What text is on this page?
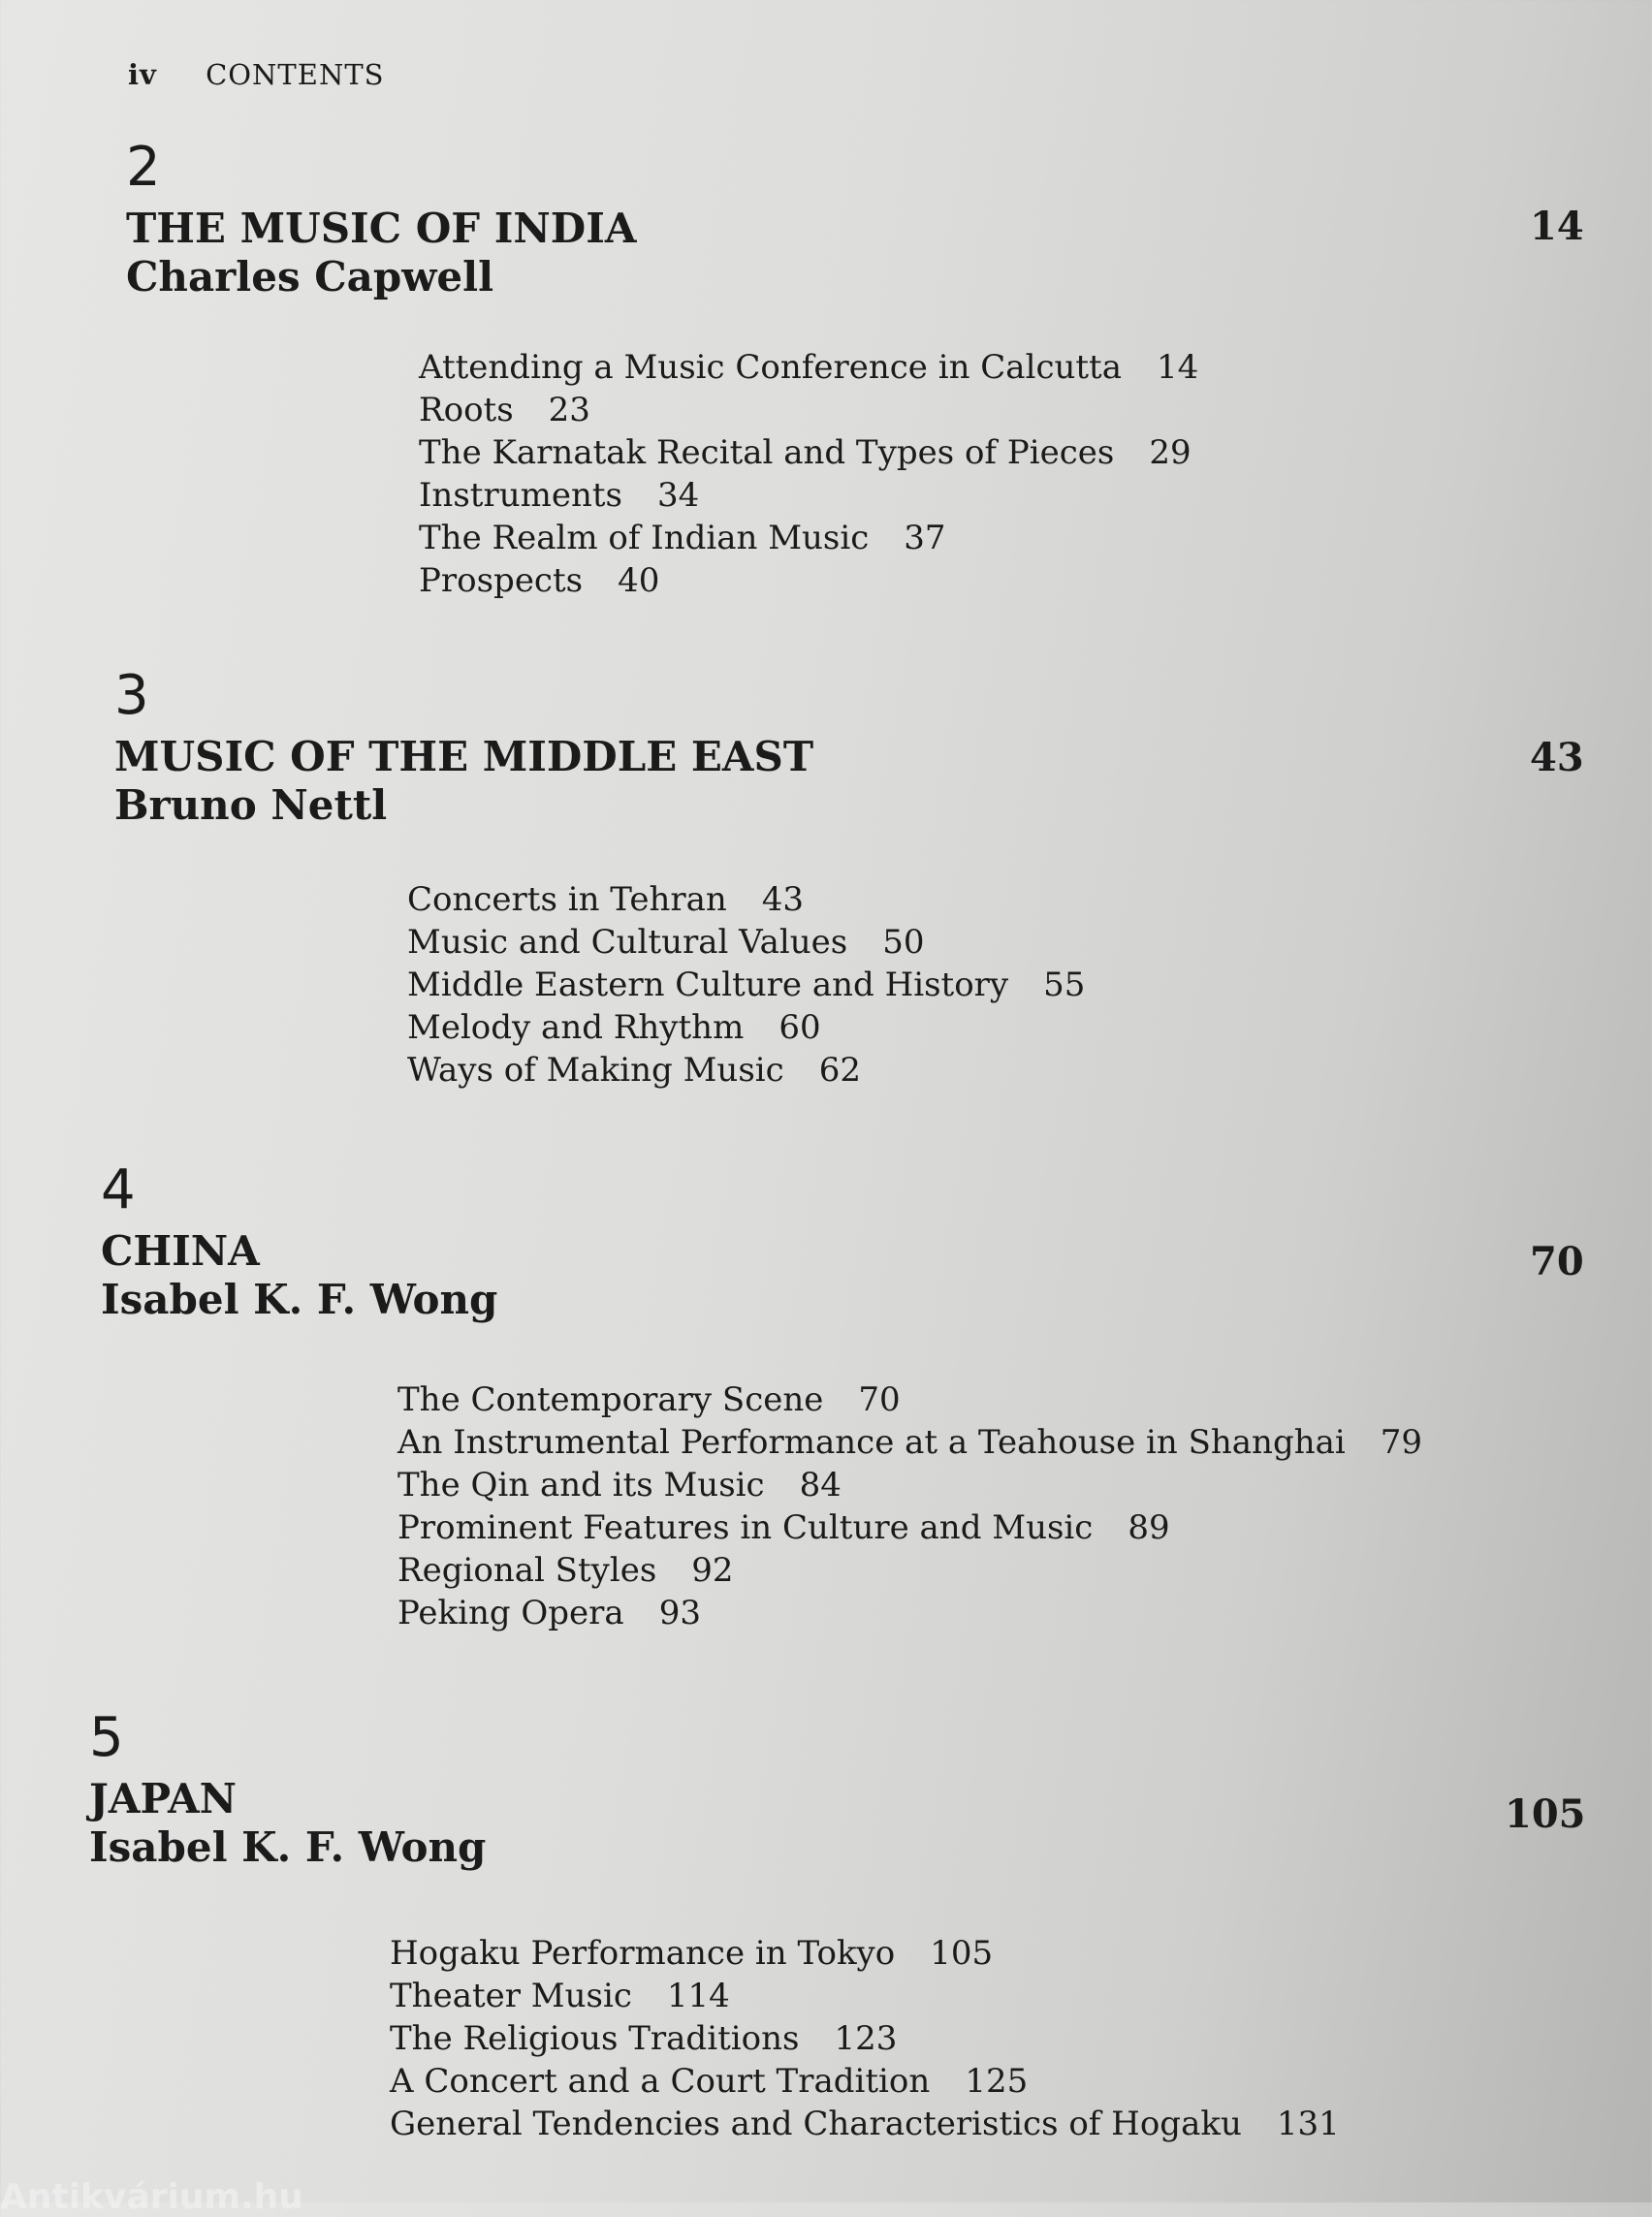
iv CONTENTS
2
THE MUSIC OF INDIA
Charles Capwell
14
Attending a Music Conference in Calcutta 14
Roots 23
The Karnatak Recital and Types of Pieces 29
Instruments 34
The Realm of Indian Music 37
Prospects 40
3
MUSIC OF THE MIDDLE EAST
Bruno Nettl
43
Concerts in Tehran 43
Music and Cultural Values 50
Middle Eastern Culture and History 55
Melody and Rhythm 60
Ways of Making Music 62
4
CHINA
Isabel K. F. Wong
70
The Contemporary Scene 70
An Instrumental Performance at a Teahouse in Shanghai 79
The Qin and its Music 84
Prominent Features in Culture and Music 89
Regional Styles 92
Peking Opera 93
5
JAPAN
Isabel K. F. Wong
105
Hogaku Performance in Tokyo 105
Theater Music 114
The Religious Traditions 123
A Concert and a Court Tradition 125
General Tendencies and Characteristics of Hogaku 131
Antikvárium.hu
